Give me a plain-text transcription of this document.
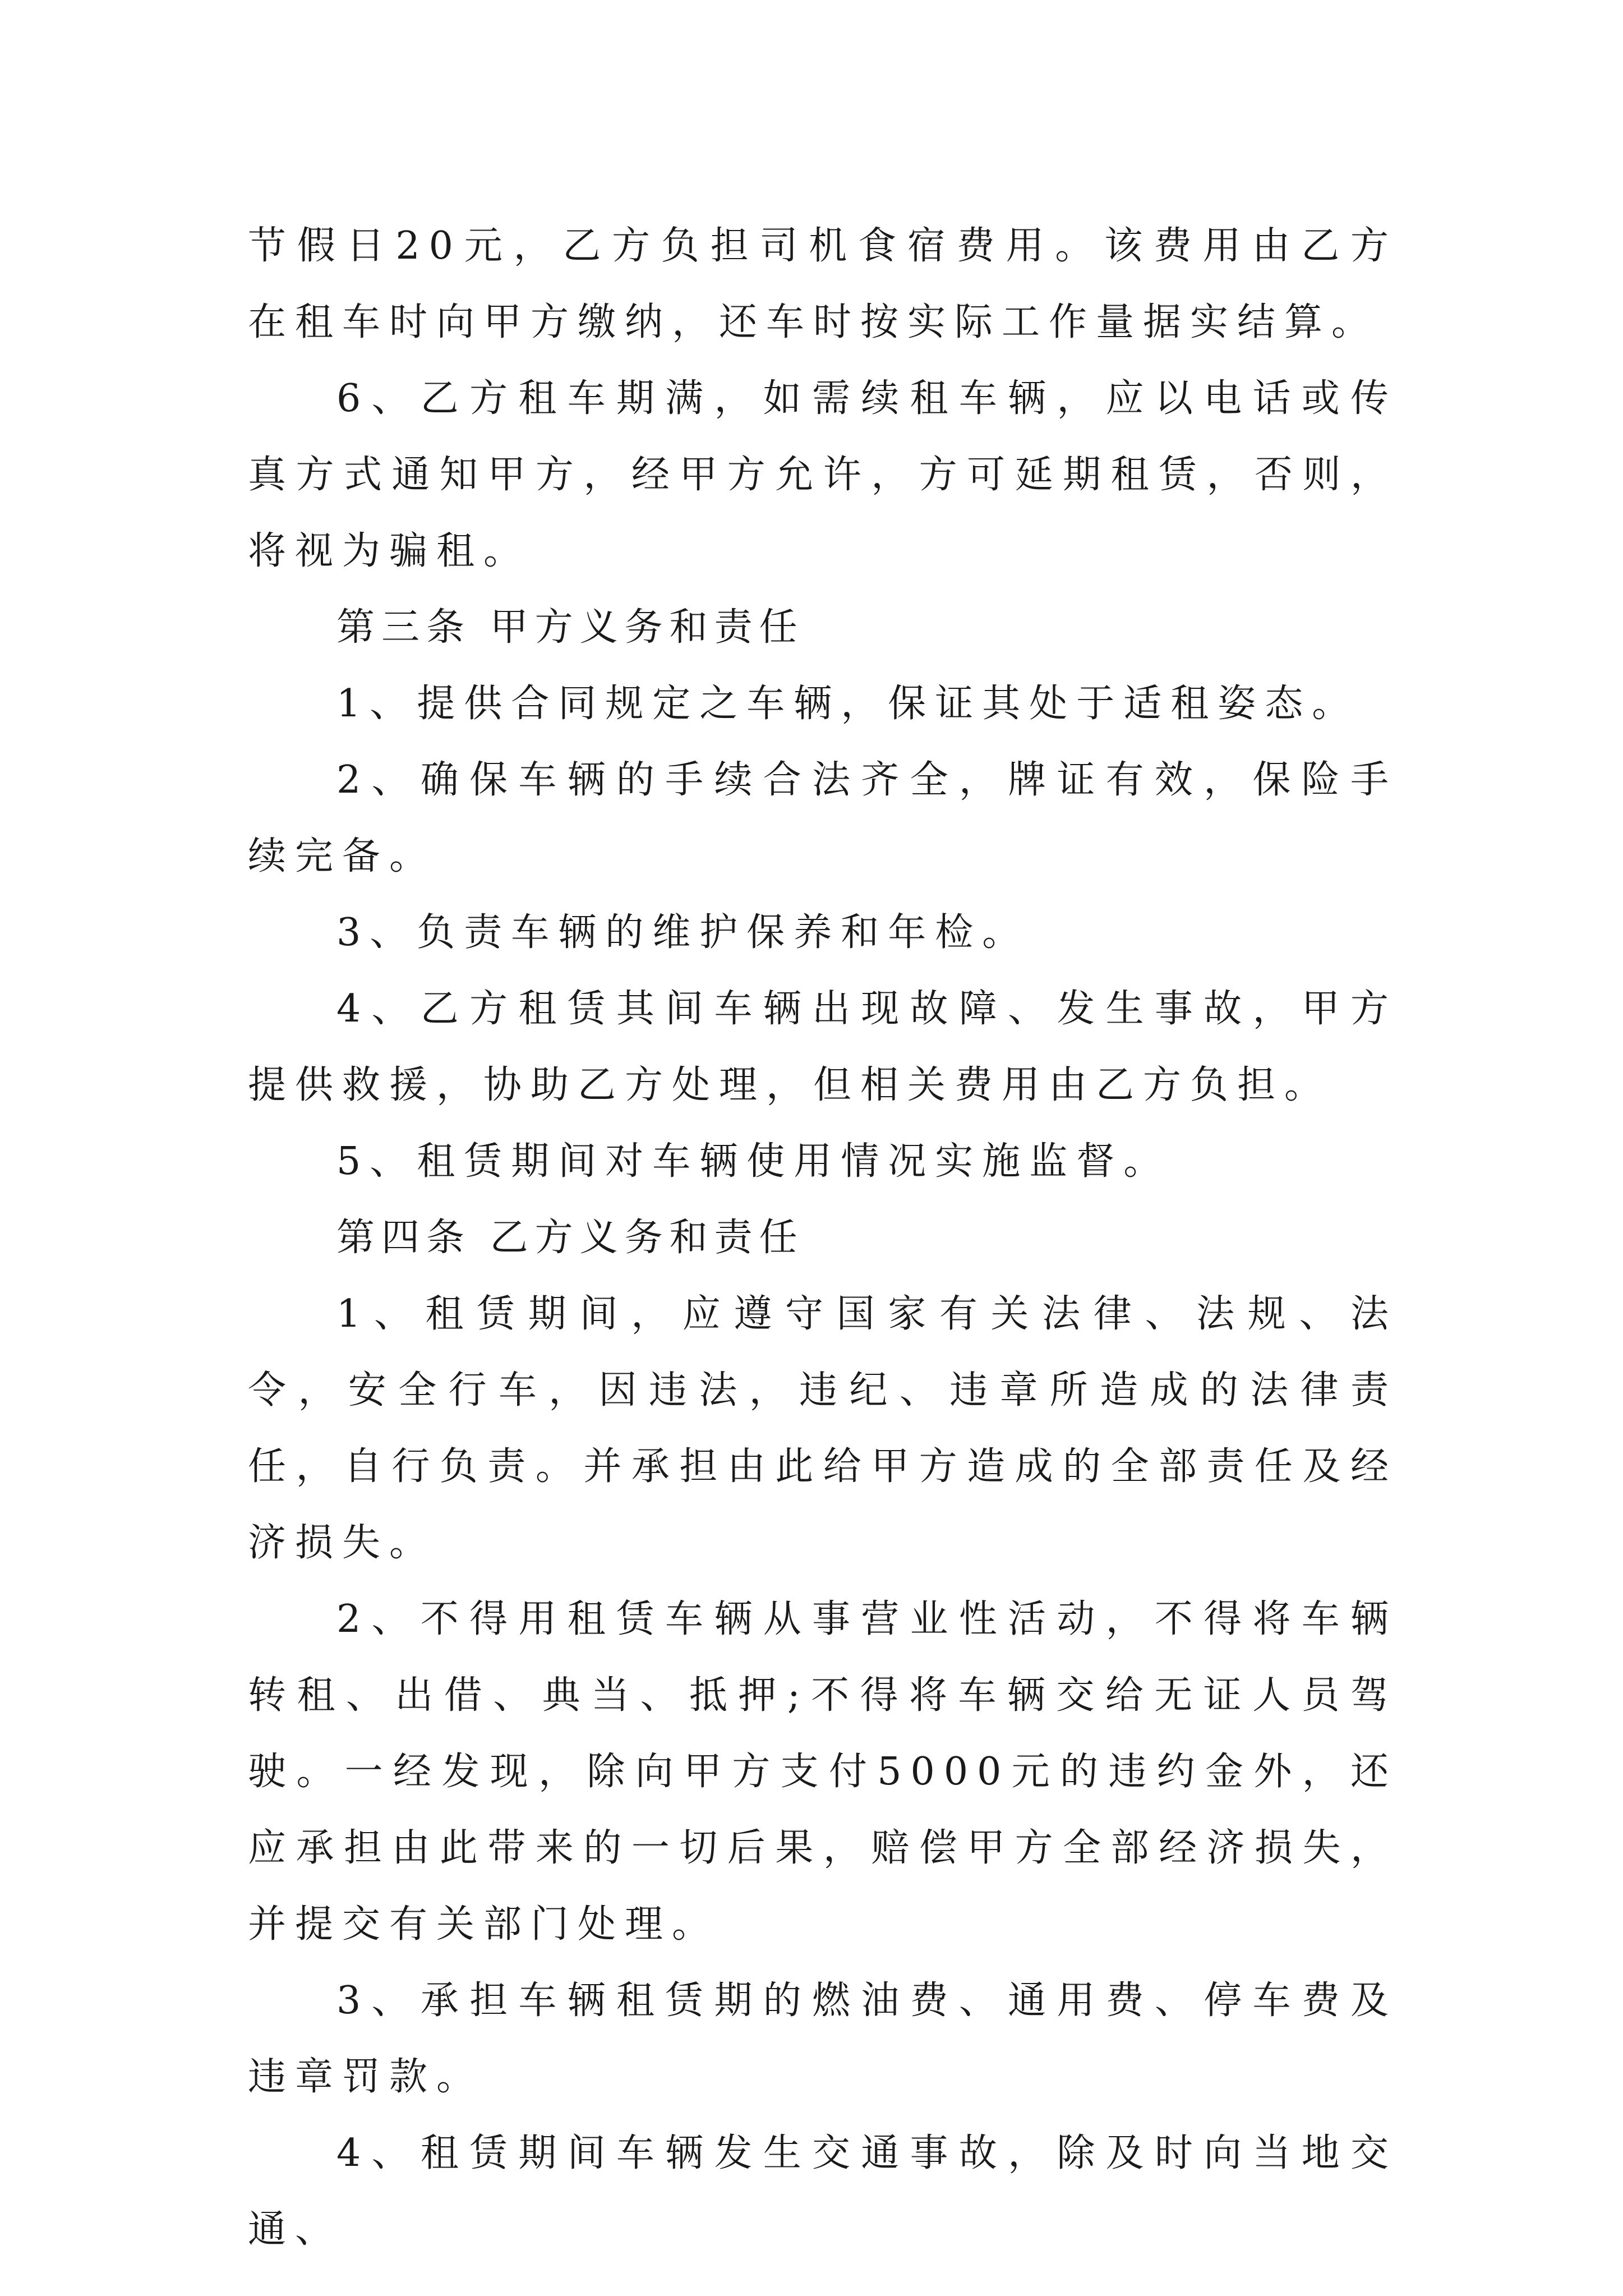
节假日20元，乙方负担司机食宿费用。该费用由乙方在租车时向甲方缴纳，还车时按实际工作量据实结算。

6、乙方租车期满，如需续租车辆，应以电话或传真方式通知甲方，经甲方允许，方可延期租赁，否则，将视为骗租。

第三条 甲方义务和责任

1、提供合同规定之车辆，保证其处于适租姿态。

2、确保车辆的手续合法齐全，牌证有效，保险手续完备。

3、负责车辆的维护保养和年检。

4、乙方租赁其间车辆出现故障、发生事故，甲方提供救援，协助乙方处理，但相关费用由乙方负担。

5、租赁期间对车辆使用情况实施监督。

第四条 乙方义务和责任

1、租赁期间，应遵守国家有关法律、法规、法令，安全行车，因违法，违纪、违章所造成的法律责任，自行负责。并承担由此给甲方造成的全部责任及经济损失。

2、不得用租赁车辆从事营业性活动，不得将车辆转租、出借、典当、抵押;不得将车辆交给无证人员驾驶。一经发现，除向甲方支付5000元的违约金外，还应承担由此带来的一切后果，赔偿甲方全部经济损失，并提交有关部门处理。

3、承担车辆租赁期的燃油费、通用费、停车费及违章罚款。

4、租赁期间车辆发生交通事故，除及时向当地交通、
